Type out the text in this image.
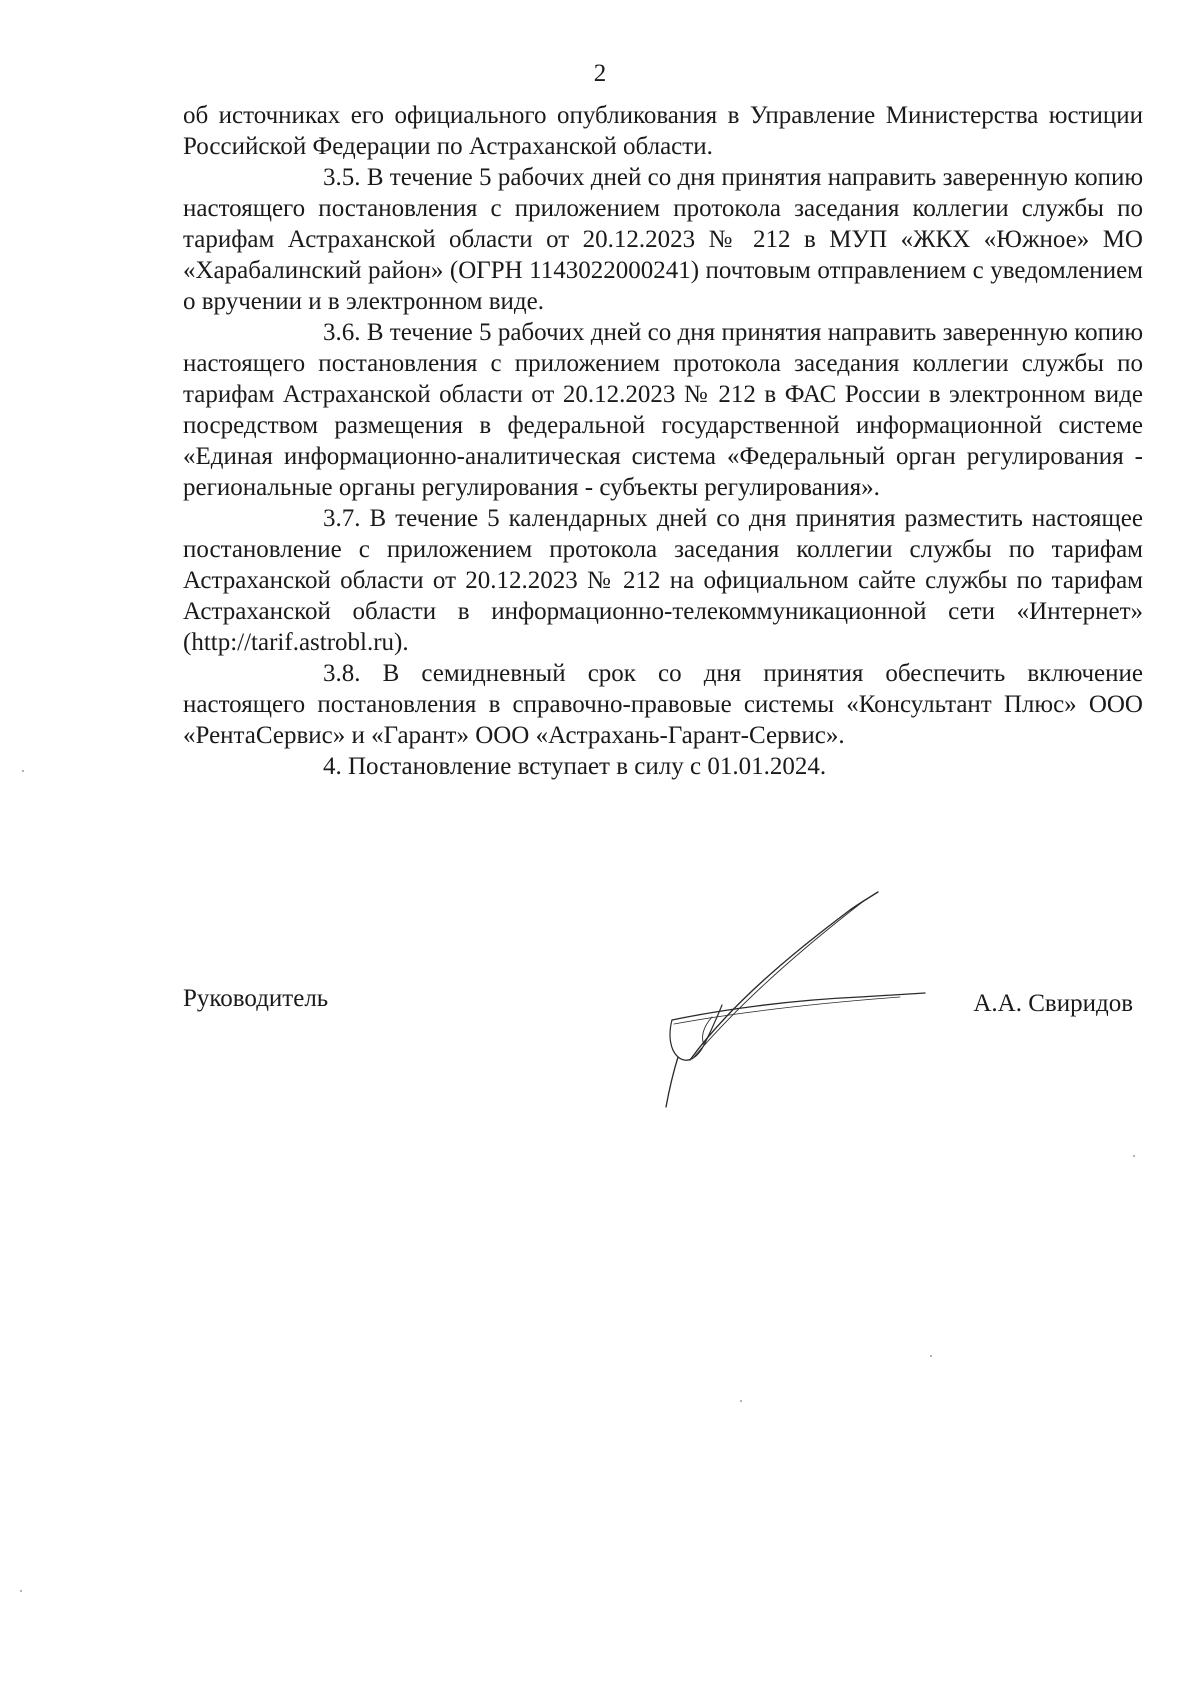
2

об источниках его официального опубликования в Управление Министерства юстиции Российской Федерации по Астраханской области.

3.5. В течение 5 рабочих дней со дня принятия направить заверенную копию настоящего постановления с приложением протокола заседания коллегии службы по тарифам Астраханской области от 20.12.2023 № 212 в МУП «ЖКХ «Южное» МО «Харабалинский район» (ОГРН 1143022000241) почтовым отправлением с уведомлением о вручении и в электронном виде.

3.6. В течение 5 рабочих дней со дня принятия направить заверенную копию настоящего постановления с приложением протокола заседания коллегии службы по тарифам Астраханской области от 20.12.2023 № 212 в ФАС России в электронном виде посредством размещения в федеральной государственной информационной системе «Единая информационно-аналитическая система «Федеральный орган регулирования - региональные органы регулирования - субъекты регулирования».

3.7. В течение 5 календарных дней со дня принятия разместить настоящее постановление с приложением протокола заседания коллегии службы по тарифам Астраханской области от 20.12.2023 № 212 на официальном сайте службы по тарифам Астраханской области в информационно-телекоммуникационной сети «Интернет» (http://tarif.astrobl.ru).

3.8. В семидневный срок со дня принятия обеспечить включение настоящего постановления в справочно-правовые системы «Консультант Плюс» ООО «РентаСервис» и «Гарант» ООО «Астрахань-Гарант-Сервис».

4. Постановление вступает в силу с 01.01.2024.

Руководитель	А.А. Свиридов
